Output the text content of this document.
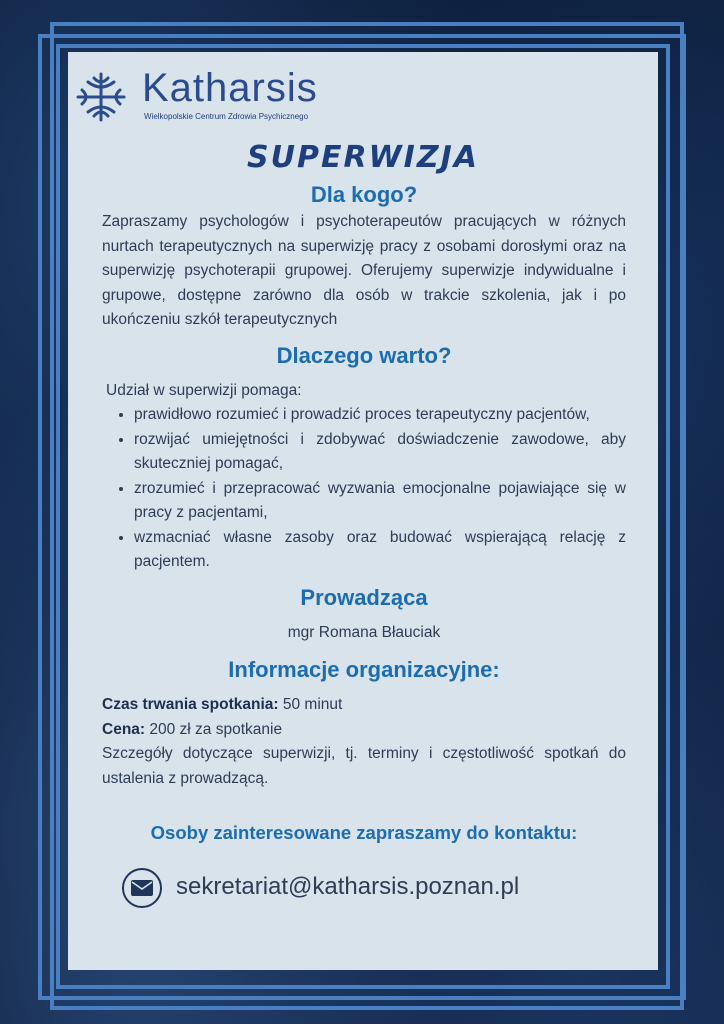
Katharsis
Wielkopolskie Centrum Zdrowia Psychicznego
SUPERWIZJA
Dla kogo?

Zapraszamy psychologów i psychoterapeutów pracujących w różnych nurtach terapeutycznych na superwizję pracy z osobami dorosłymi oraz na superwizję psychoterapii grupowej. Oferujemy superwizje indywidualne i grupowe, dostępne zarówno dla osób w trakcie szkolenia, jak i po ukończeniu szkół terapeutycznych

Dlaczego warto?

Udział w superwizji pomaga:

• prawidłowo rozumieć i prowadzić proces terapeutyczny pacjentów,
• rozwijać umiejętności i zdobywać doświadczenie zawodowe, aby skuteczniej pomagać,
• zrozumieć i przepracować wyzwania emocjonalne pojawiające się w pracy z pacjentami,
• wzmacniać własne zasoby oraz budować wspierającą relację z pacjentem.
Prowadząca

mgr Romana Błauciak

Informacje organizacyjne:

Czas trwania spotkania: 50 minut

Cena: 200 zł za spotkanie

Szczegóły dotyczące superwizji, tj. terminy i częstotliwość spotkań do ustalenia z prowadzącą.

Osoby zainteresowane zapraszamy do kontaktu:

sekretariat@katharsis.poznan.pl
